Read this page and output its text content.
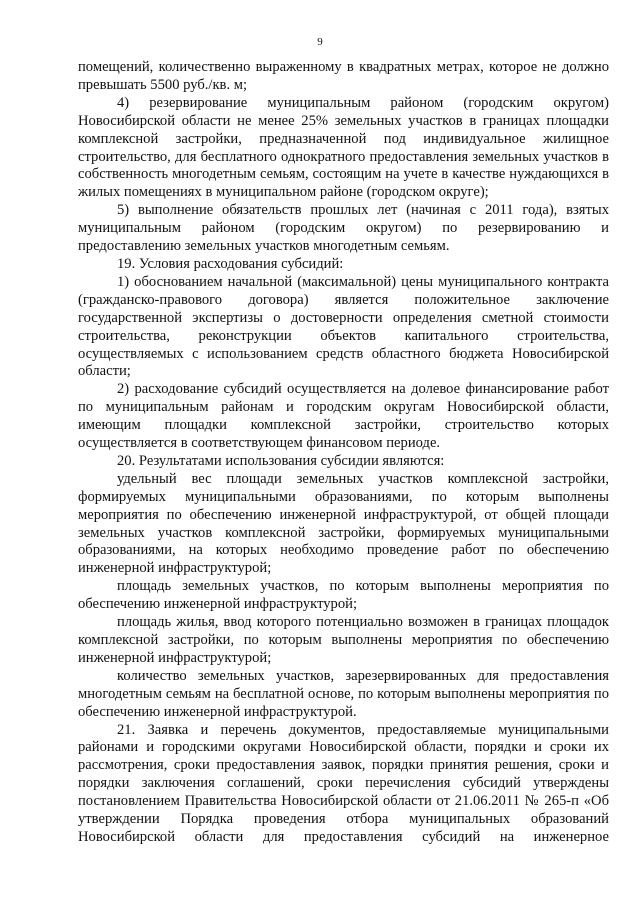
9

помещений, количественно выраженному в квадратных метрах, которое не должно превышать 5500 руб./кв. м;

4) резервирование муниципальным районом (городским округом) Новосибирской области не менее 25% земельных участков в границах площадки комплексной застройки, предназначенной под индивидуальное жилищное строительство, для бесплатного однократного предоставления земельных участков в собственность многодетным семьям, состоящим на учете в качестве нуждающихся в жилых помещениях в муниципальном районе (городском округе);

5) выполнение обязательств прошлых лет (начиная с 2011 года), взятых муниципальным районом (городским округом) по резервированию и предоставлению земельных участков многодетным семьям.

19. Условия расходования субсидий:

1) обоснованием начальной (максимальной) цены муниципального контракта (гражданско-правового договора) является положительное заключение государственной экспертизы о достоверности определения сметной стоимости строительства, реконструкции объектов капитального строительства, осуществляемых с использованием средств областного бюджета Новосибирской области;

2) расходование субсидий осуществляется на долевое финансирование работ по муниципальным районам и городским округам Новосибирской области, имеющим площадки комплексной застройки, строительство которых осуществляется в соответствующем финансовом периоде.

20. Результатами использования субсидии являются:

удельный вес площади земельных участков комплексной застройки, формируемых муниципальными образованиями, по которым выполнены мероприятия по обеспечению инженерной инфраструктурой, от общей площади земельных участков комплексной застройки, формируемых муниципальными образованиями, на которых необходимо проведение работ по обеспечению инженерной инфраструктурой;

площадь земельных участков, по которым выполнены мероприятия по обеспечению инженерной инфраструктурой;

площадь жилья, ввод которого потенциально возможен в границах площадок комплексной застройки, по которым выполнены мероприятия по обеспечению инженерной инфраструктурой;

количество земельных участков, зарезервированных для предоставления многодетным семьям на бесплатной основе, по которым выполнены мероприятия по обеспечению инженерной инфраструктурой.

21. Заявка и перечень документов, предоставляемые муниципальными районами и городскими округами Новосибирской области, порядки и сроки их рассмотрения, сроки предоставления заявок, порядки принятия решения, сроки и порядки заключения соглашений, сроки перечисления субсидий утверждены постановлением Правительства Новосибирской области от 21.06.2011 № 265-п «Об утверждении Порядка проведения отбора муниципальных образований Новосибирской области для предоставления субсидий на инженерное
